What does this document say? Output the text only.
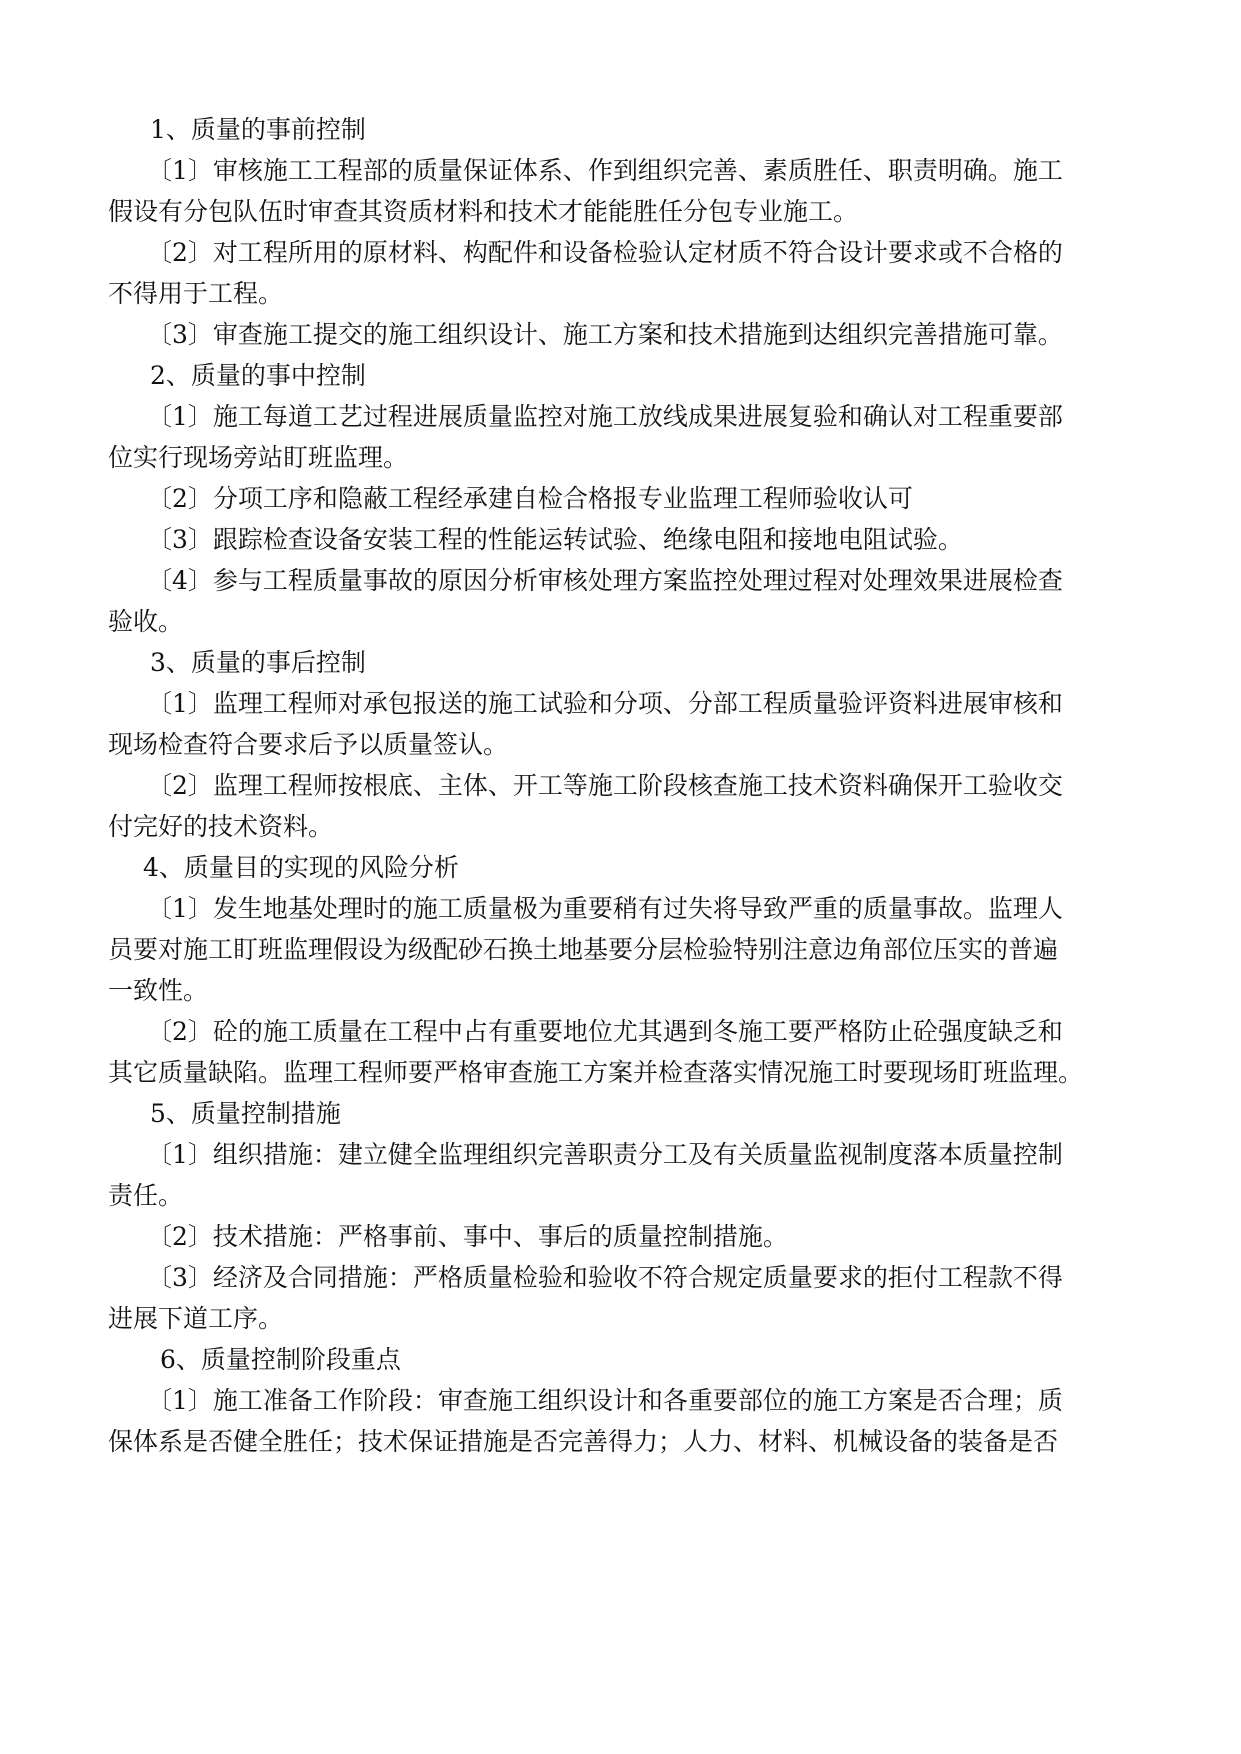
1、质量的事前控制
〔1〕审核施工工程部的质量保证体系、作到组织完善、素质胜任、职责明确。施工
假设有分包队伍时审查其资质材料和技术才能能胜任分包专业施工。
〔2〕对工程所用的原材料、构配件和设备检验认定材质不符合设计要求或不合格的
不得用于工程。
〔3〕审查施工提交的施工组织设计、施工方案和技术措施到达组织完善措施可靠。
2、质量的事中控制
〔1〕施工每道工艺过程进展质量监控对施工放线成果进展复验和确认对工程重要部
位实行现场旁站盯班监理。
〔2〕分项工序和隐蔽工程经承建自检合格报专业监理工程师验收认可
〔3〕跟踪检查设备安装工程的性能运转试验、绝缘电阻和接地电阻试验。
〔4〕参与工程质量事故的原因分析审核处理方案监控处理过程对处理效果进展检查
验收。
3、质量的事后控制
〔1〕监理工程师对承包报送的施工试验和分项、分部工程质量验评资料进展审核和
现场检查符合要求后予以质量签认。
〔2〕监理工程师按根底、主体、开工等施工阶段核查施工技术资料确保开工验收交
付完好的技术资料。
4、质量目的实现的风险分析
〔1〕发生地基处理时的施工质量极为重要稍有过失将导致严重的质量事故。监理人
员要对施工盯班监理假设为级配砂石换土地基要分层检验特别注意边角部位压实的普遍
一致性。
〔2〕砼的施工质量在工程中占有重要地位尤其遇到冬施工要严格防止砼强度缺乏和
其它质量缺陷。监理工程师要严格审查施工方案并检查落实情况施工时要现场盯班监理。
5、质量控制措施
〔1〕组织措施：建立健全监理组织完善职责分工及有关质量监视制度落本质量控制
责任。
〔2〕技术措施：严格事前、事中、事后的质量控制措施。
〔3〕经济及合同措施：严格质量检验和验收不符合规定质量要求的拒付工程款不得
进展下道工序。
6、质量控制阶段重点
〔1〕施工准备工作阶段：审查施工组织设计和各重要部位的施工方案是否合理；质
保体系是否健全胜任；技术保证措施是否完善得力；人力、材料、机械设备的装备是否
